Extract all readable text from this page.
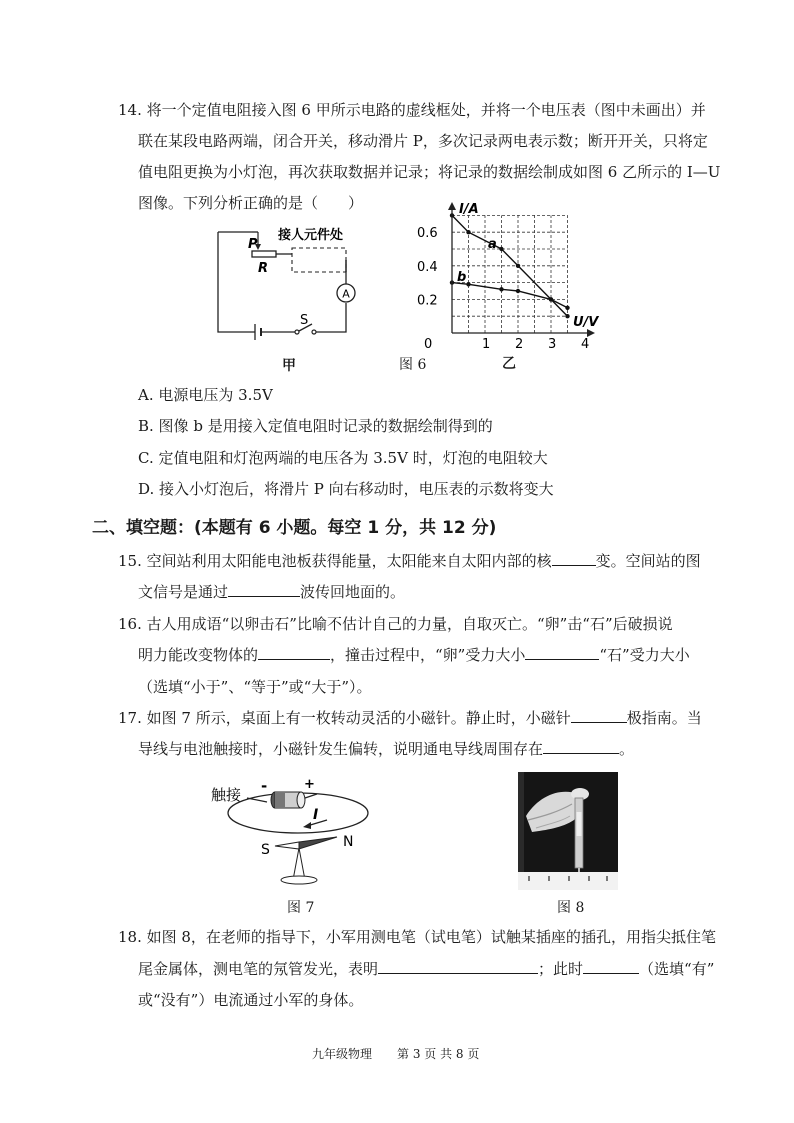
14. 将一个定值电阻接入图 6 甲所示电路的虚线框处，并将一个电压表（图中未画出）并
联在某段电路两端，闭合开关，移动滑片 P，多次记录两电表示数；断开开关，只将定
值电阻更换为小灯泡，再次获取数据并记录；将记录的数据绘制成如图 6 乙所示的 I—U
图像。下列分析正确的是（　　）
A
P
R
接人元件处
S
甲
1 2 3 4
0.2
0.4
0.6
0
I/A
U/V
a
b
图 6	乙
A. 电源电压为 3.5V
B. 图像 b 是用接入定值电阻时记录的数据绘制得到的
C. 定值电阻和灯泡两端的电压各为 3.5V 时，灯泡的电阻较大
D. 接入小灯泡后，将滑片 P 向右移动时，电压表的示数将变大
二、填空题：(本题有 6 小题。每空 1 分，共 12 分)
15. 空间站利用太阳能电池板获得能量，太阳能来自太阳内部的核	变。空间站的图
文信号是通过	波传回地面的。
16. 古人用成语“以卵击石”比喻不估计自己的力量，自取灭亡。“卵”击“石”后破损说
明力能改变物体的	，撞击过程中，“卵”受力大小	“石”受力大小
（选填“小于”、“等于”或“大于”）。
17. 如图 7 所示，桌面上有一枚转动灵活的小磁针。静止时，小磁针	极指南。当
导线与电池触接时，小磁针发生偏转，说明通电导线周围存在	。
触接 -	+
I
S	N
图 7	图 8
18. 如图 8，在老师的指导下，小军用测电笔（试电笔）试触某插座的插孔，用指尖抵住笔
尾金属体，测电笔的氖管发光，表明	；此时	（选填“有”
或“没有”）电流通过小军的身体。
九年级物理 第 3 页 共 8 页
